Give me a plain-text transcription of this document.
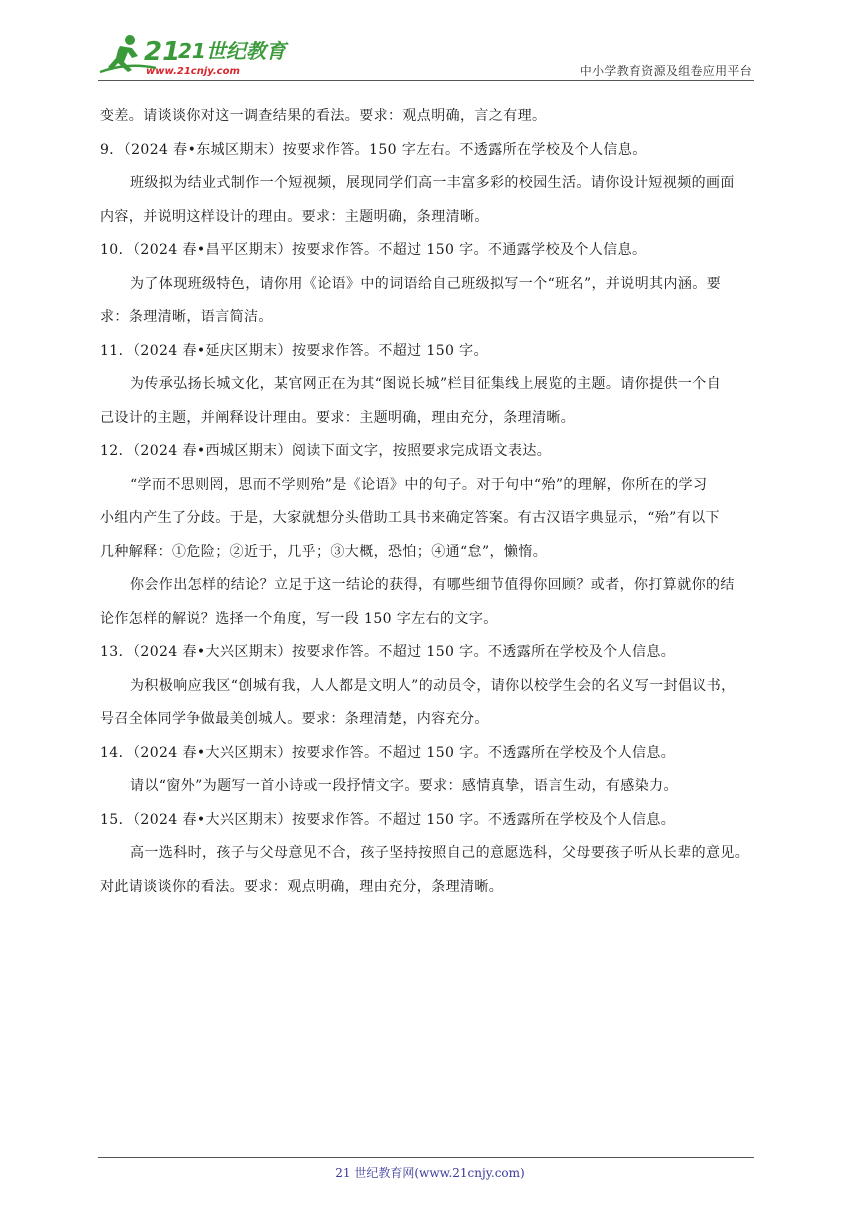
21
21世纪教育
www.21cnjy.com	中小学教育资源及组卷应用平台
变差。请谈谈你对这一调查结果的看法。要求：观点明确，言之有理。
9．（2024 春•东城区期末）按要求作答。150 字左右。不透露所在学校及个人信息。
班级拟为结业式制作一个短视频，展现同学们高一丰富多彩的校园生活。请你设计短视频的画面
内容，并说明这样设计的理由。要求：主题明确，条理清晰。
10．（2024 春•昌平区期末）按要求作答。不超过 150 字。不通露学校及个人信息。
为了体现班级特色，请你用《论语》中的词语给自己班级拟写一个“班名”，并说明其内涵。要
求：条理清晰，语言简洁。
11．（2024 春•延庆区期末）按要求作答。不超过 150 字。
为传承弘扬长城文化，某官网正在为其“图说长城”栏目征集线上展览的主题。请你提供一个自
己设计的主题，并阐释设计理由。要求：主题明确，理由充分，条理清晰。
12．（2024 春•西城区期末）阅读下面文字，按照要求完成语文表达。
“学而不思则罔，思而不学则殆”是《论语》中的句子。对于句中“殆”的理解，你所在的学习
小组内产生了分歧。于是，大家就想分头借助工具书来确定答案。有古汉语字典显示，“殆”有以下
几种解释：①危险；②近于，几乎；③大概，恐怕；④通“怠”，懒惰。
你会作出怎样的结论？立足于这一结论的获得，有哪些细节值得你回顾？或者，你打算就你的结
论作怎样的解说？选择一个角度，写一段 150 字左右的文字。
13．（2024 春•大兴区期末）按要求作答。不超过 150 字。不透露所在学校及个人信息。
为积极响应我区“创城有我，人人都是文明人”的动员令，请你以校学生会的名义写一封倡议书，
号召全体同学争做最美创城人。要求：条理清楚，内容充分。
14．（2024 春•大兴区期末）按要求作答。不超过 150 字。不透露所在学校及个人信息。
请以“窗外”为题写一首小诗或一段抒情文字。要求：感情真挚，语言生动，有感染力。
15．（2024 春•大兴区期末）按要求作答。不超过 150 字。不透露所在学校及个人信息。
高一选科时，孩子与父母意见不合，孩子坚持按照自己的意愿选科，父母要孩子听从长辈的意见。
对此请谈谈你的看法。要求：观点明确，理由充分，条理清晰。
21 世纪教育网(www.21cnjy.com)
